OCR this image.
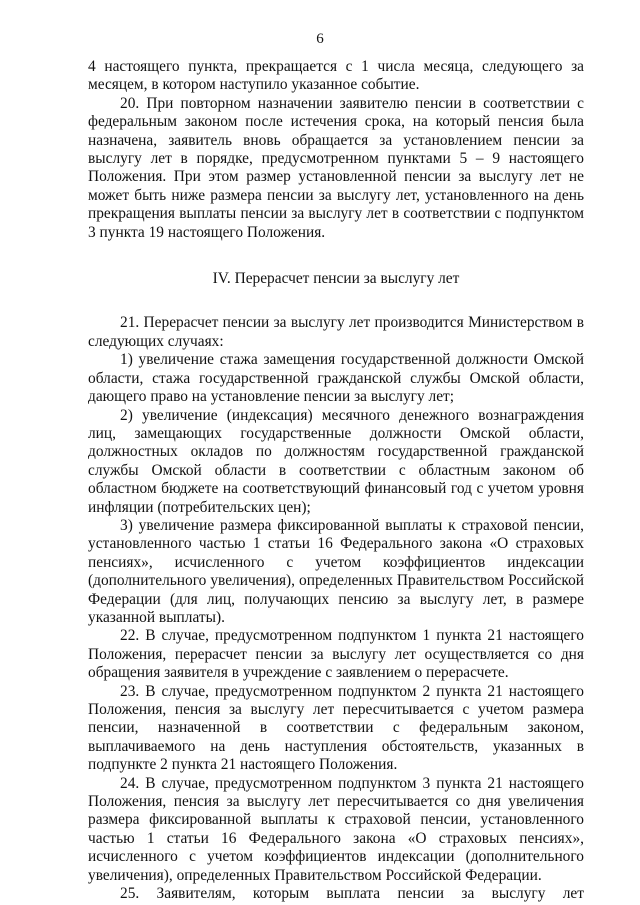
6

4 настоящего пункта, прекращается с 1 числа месяца, следующего за месяцем, в котором наступило указанное событие.

20. При повторном назначении заявителю пенсии в соответствии с федеральным законом после истечения срока, на который пенсия была назначена, заявитель вновь обращается за установлением пенсии за выслугу лет в порядке, предусмотренном пунктами 5 – 9 настоящего Положения. При этом размер установленной пенсии за выслугу лет не может быть ниже размера пенсии за выслугу лет, установленного на день прекращения выплаты пенсии за выслугу лет в соответствии с подпунктом 3 пункта 19 настоящего Положения.

IV. Перерасчет пенсии за выслугу лет

21. Перерасчет пенсии за выслугу лет производится Министерством в следующих случаях:

1) увеличение стажа замещения государственной должности Омской области, стажа государственной гражданской службы Омской области, дающего право на установление пенсии за выслугу лет;

2) увеличение (индексация) месячного денежного вознаграждения лиц, замещающих государственные должности Омской области, должностных окладов по должностям государственной гражданской службы Омской области в соответствии с областным законом об областном бюджете на соответствующий финансовый год с учетом уровня инфляции (потребительских цен);

3) увеличение размера фиксированной выплаты к страховой пенсии, установленного частью 1 статьи 16 Федерального закона «О страховых пенсиях», исчисленного с учетом коэффициентов индексации (дополнительного увеличения), определенных Правительством Российской Федерации (для лиц, получающих пенсию за выслугу лет, в размере указанной выплаты).

22. В случае, предусмотренном подпунктом 1 пункта 21 настоящего Положения, перерасчет пенсии за выслугу лет осуществляется со дня обращения заявителя в учреждение с заявлением о перерасчете.

23. В случае, предусмотренном подпунктом 2 пункта 21 настоящего Положения, пенсия за выслугу лет пересчитывается с учетом размера пенсии, назначенной в соответствии с федеральным законом, выплачиваемого на день наступления обстоятельств, указанных в подпункте 2 пункта 21 настоящего Положения.

24. В случае, предусмотренном подпунктом 3 пункта 21 настоящего Положения, пенсия за выслугу лет пересчитывается со дня увеличения размера фиксированной выплаты к страховой пенсии, установленного частью 1 статьи 16 Федерального закона «О страховых пенсиях», исчисленного с учетом коэффициентов индексации (дополнительного увеличения), определенных Правительством Российской Федерации.

25. Заявителям, которым выплата пенсии за выслугу лет
